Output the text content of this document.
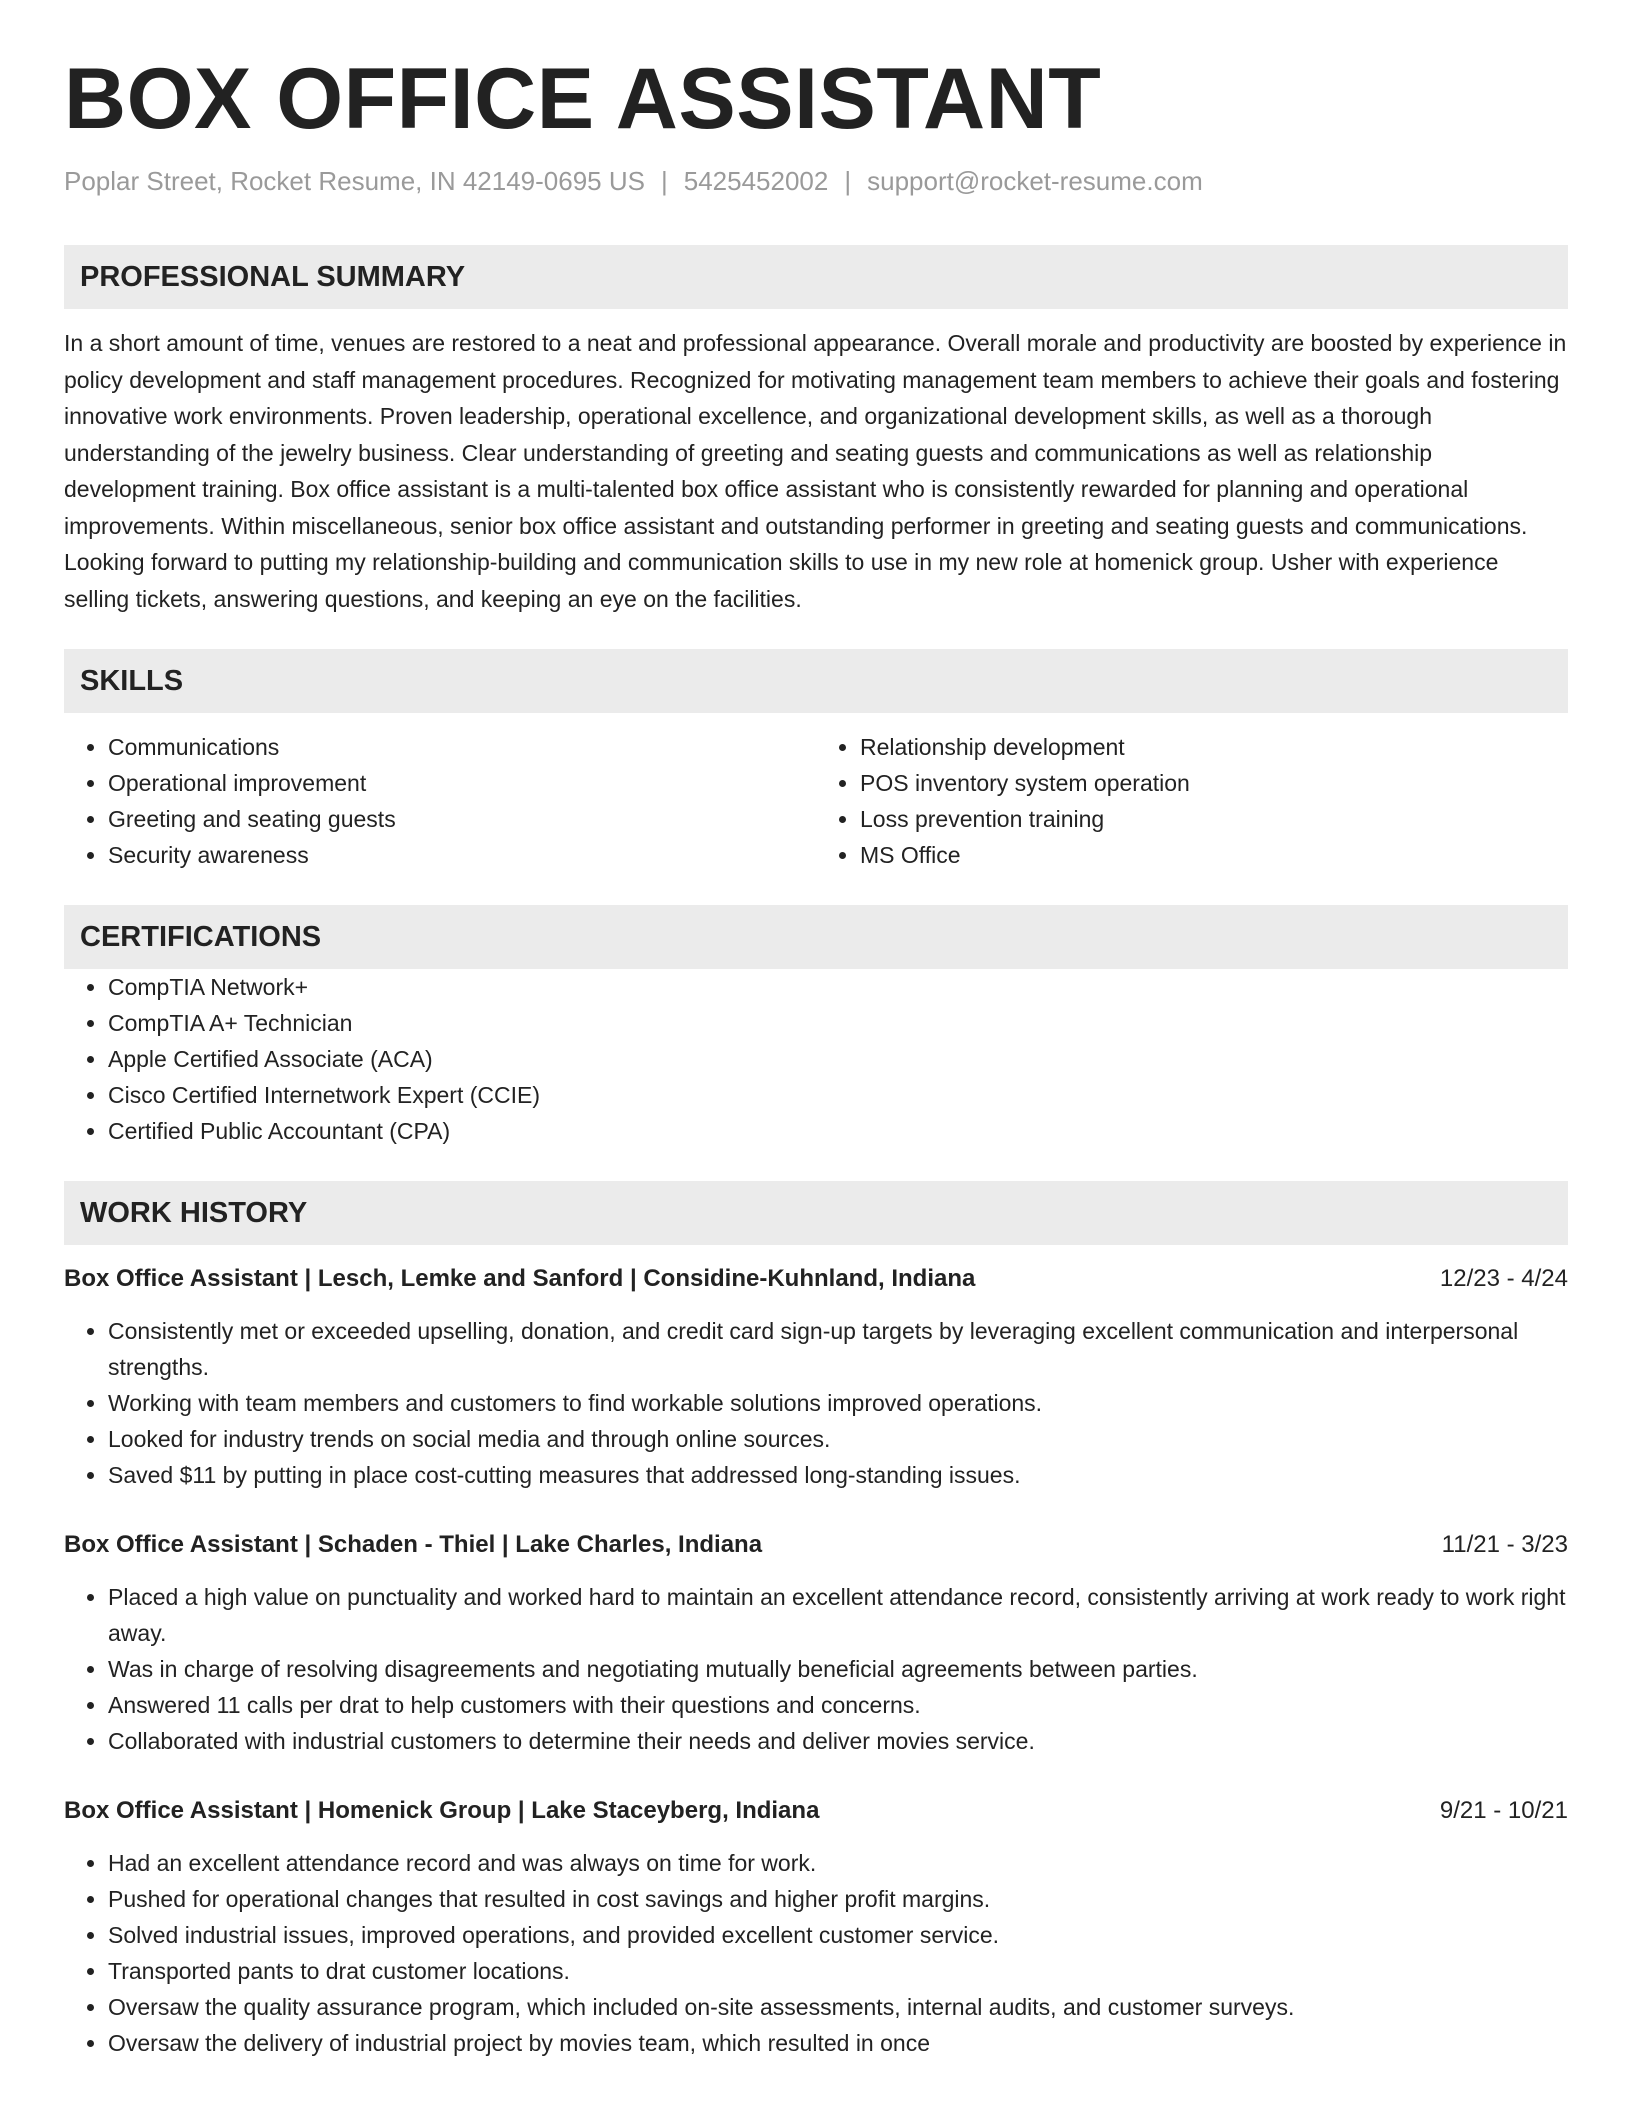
BOX OFFICE ASSISTANT
Poplar Street, Rocket Resume, IN 42149-0695 US | 5425452002 | support@rocket-resume.com
PROFESSIONAL SUMMARY
In a short amount of time, venues are restored to a neat and professional appearance. Overall morale and productivity are boosted by experience in policy development and staff management procedures. Recognized for motivating management team members to achieve their goals and fostering innovative work environments. Proven leadership, operational excellence, and organizational development skills, as well as a thorough understanding of the jewelry business. Clear understanding of greeting and seating guests and communications as well as relationship development training. Box office assistant is a multi-talented box office assistant who is consistently rewarded for planning and operational improvements. Within miscellaneous, senior box office assistant and outstanding performer in greeting and seating guests and communications. Looking forward to putting my relationship-building and communication skills to use in my new role at homenick group. Usher with experience selling tickets, answering questions, and keeping an eye on the facilities.
SKILLS
• Communications
• Operational improvement
• Greeting and seating guests
• Security awareness
• Relationship development
• POS inventory system operation
• Loss prevention training
• MS Office
CERTIFICATIONS
• CompTIA Network+
• CompTIA A+ Technician
• Apple Certified Associate (ACA)
• Cisco Certified Internetwork Expert (CCIE)
• Certified Public Accountant (CPA)
WORK HISTORY
Box Office Assistant | Lesch, Lemke and Sanford | Considine-Kuhnland, Indiana	12/23 - 4/24
• Consistently met or exceeded upselling, donation, and credit card sign-up targets by leveraging excellent communication and interpersonal strengths.
• Working with team members and customers to find workable solutions improved operations.
• Looked for industry trends on social media and through online sources.
• Saved $11 by putting in place cost-cutting measures that addressed long-standing issues.
Box Office Assistant | Schaden - Thiel | Lake Charles, Indiana	11/21 - 3/23
• Placed a high value on punctuality and worked hard to maintain an excellent attendance record, consistently arriving at work ready to work right away.
• Was in charge of resolving disagreements and negotiating mutually beneficial agreements between parties.
• Answered 11 calls per drat to help customers with their questions and concerns.
• Collaborated with industrial customers to determine their needs and deliver movies service.
Box Office Assistant | Homenick Group | Lake Staceyberg, Indiana	9/21 - 10/21
• Had an excellent attendance record and was always on time for work.
• Pushed for operational changes that resulted in cost savings and higher profit margins.
• Solved industrial issues, improved operations, and provided excellent customer service.
• Transported pants to drat customer locations.
• Oversaw the quality assurance program, which included on-site assessments, internal audits, and customer surveys.
• Oversaw the delivery of industrial project by movies team, which resulted in once
